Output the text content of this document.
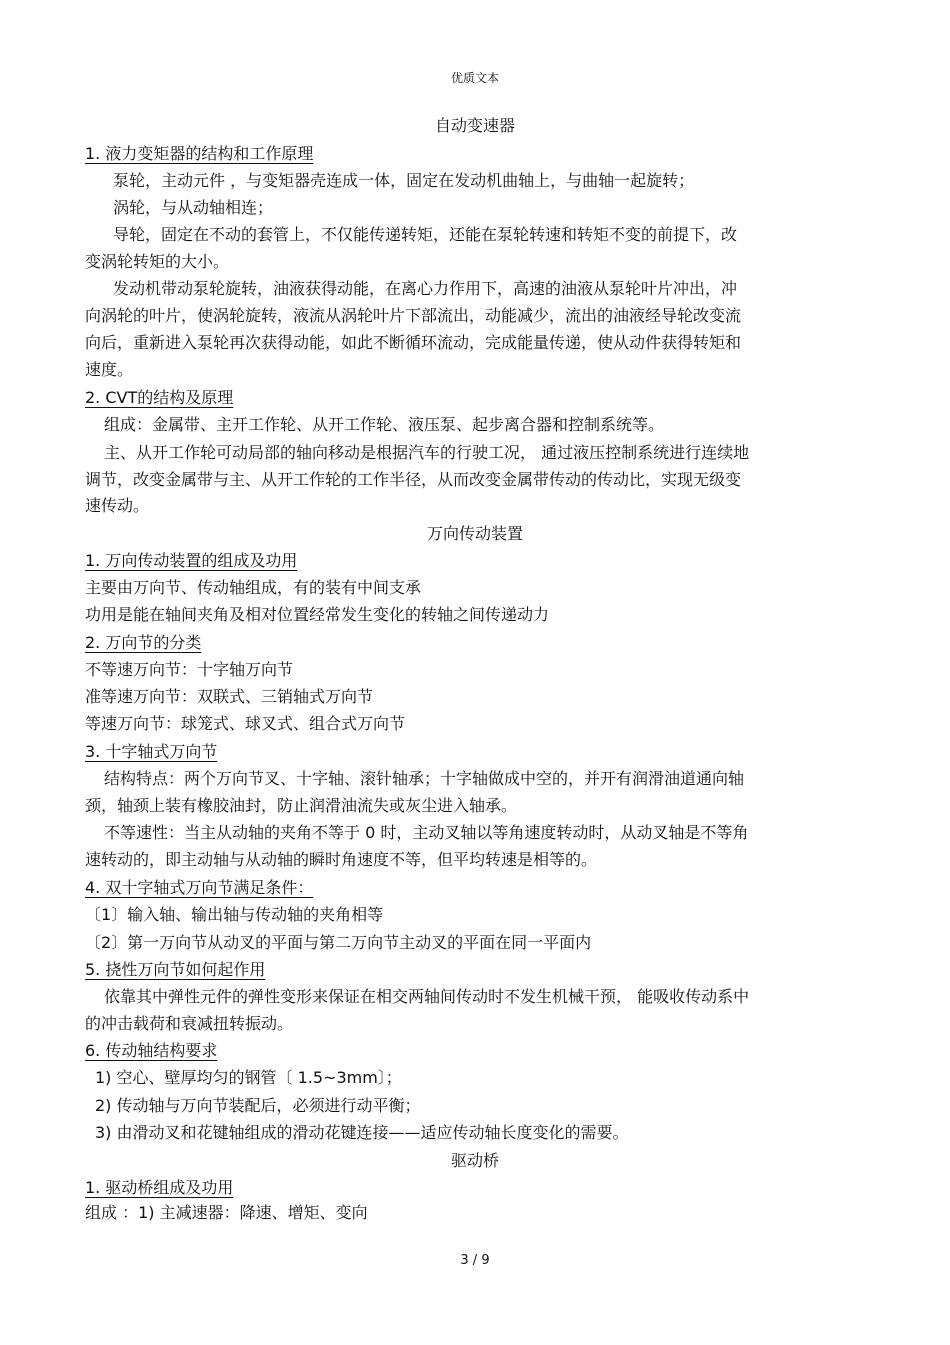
优质文本
自动变速器
1. 液力变矩器的结构和工作原理
泵轮，主动元件 ，与变矩器壳连成一体，固定在发动机曲轴上，与曲轴一起旋转；
涡轮，与从动轴相连；
导轮，固定在不动的套管上，不仅能传递转矩，还能在泵轮转速和转矩不变的前提下，改
变涡轮转矩的大小。
发动机带动泵轮旋转，油液获得动能，在离心力作用下，高速的油液从泵轮叶片冲出，冲
向涡轮的叶片，使涡轮旋转，液流从涡轮叶片下部流出，动能减少，流出的油液经导轮改变流
向后，重新进入泵轮再次获得动能，如此不断循环流动，完成能量传递，使从动件获得转矩和
速度。
2. CVT的结构及原理
组成：金属带、主开工作轮、从开工作轮、液压泵、起步离合器和控制系统等。
主、从开工作轮可动局部的轴向移动是根据汽车的行驶工况， 通过液压控制系统进行连续地
调节，改变金属带与主、从开工作轮的工作半径，从而改变金属带传动的传动比，实现无级变
速传动。
万向传动装置
1. 万向传动装置的组成及功用
主要由万向节、传动轴组成，有的装有中间支承
功用是能在轴间夹角及相对位置经常发生变化的转轴之间传递动力
2. 万向节的分类
不等速万向节：十字轴万向节
准等速万向节：双联式、三销轴式万向节
等速万向节：球笼式、球叉式、组合式万向节
3. 十字轴式万向节
结构特点：两个万向节叉、十字轴、滚针轴承；十字轴做成中空的，并开有润滑油道通向轴
颈，轴颈上装有橡胶油封，防止润滑油流失或灰尘进入轴承。
不等速性：当主从动轴的夹角不等于 0 时，主动叉轴以等角速度转动时，从动叉轴是不等角
速转动的，即主动轴与从动轴的瞬时角速度不等，但平均转速是相等的。
4. 双十字轴式万向节满足条件：
〔1〕输入轴、输出轴与传动轴的夹角相等
〔2〕第一万向节从动叉的平面与第二万向节主动叉的平面在同一平面内
5. 挠性万向节如何起作用
依靠其中弹性元件的弹性变形来保证在相交两轴间传动时不发生机械干预， 能吸收传动系中
的冲击载荷和衰减扭转振动。
6. 传动轴结构要求
1) 空心、壁厚均匀的钢管〔 1.5~3mm〕；
2) 传动轴与万向节装配后，必须进行动平衡；
3) 由滑动叉和花键轴组成的滑动花键连接——适应传动轴长度变化的需要。
驱动桥
1. 驱动桥组成及功用
组成 ：1) 主减速器：降速、增矩、变向
3 / 9
